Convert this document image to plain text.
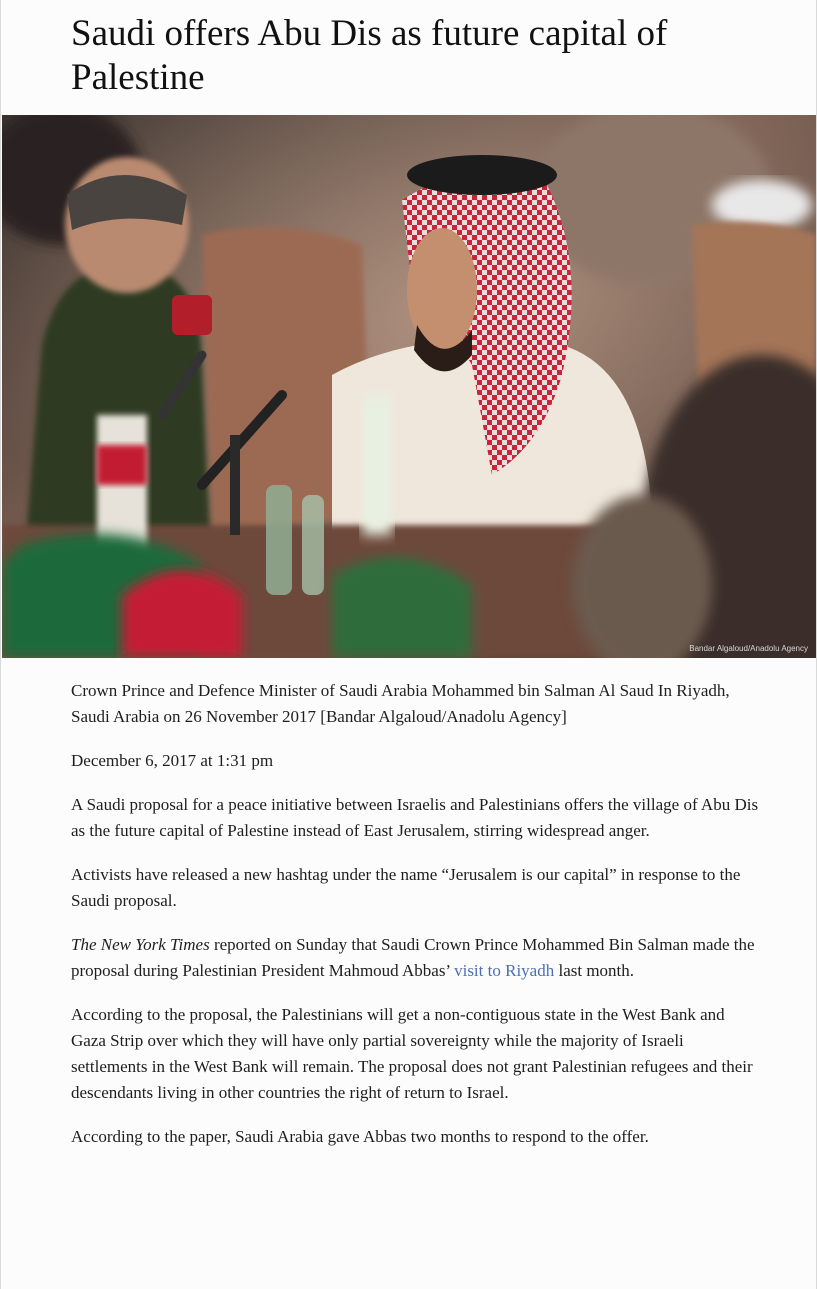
Saudi offers Abu Dis as future capital of Palestine
Bandar Algaloud/Anadolu Agency

Crown Prince and Defence Minister of Saudi Arabia Mohammed bin Salman Al Saud In Riyadh, Saudi Arabia on 26 November 2017 [Bandar Algaloud/Anadolu Agency]

December 6, 2017 at 1:31 pm

A Saudi proposal for a peace initiative between Israelis and Palestinians offers the village of Abu Dis as the future capital of Palestine instead of East Jerusalem, stirring widespread anger.

Activists have released a new hashtag under the name “Jerusalem is our capital” in response to the Saudi proposal.

The New York Times reported on Sunday that Saudi Crown Prince Mohammed Bin Salman made the proposal during Palestinian President Mahmoud Abbas’ visit to Riyadh last month.

According to the proposal, the Palestinians will get a non-contiguous state in the West Bank and Gaza Strip over which they will have only partial sovereignty while the majority of Israeli settlements in the West Bank will remain. The proposal does not grant Palestinian refugees and their descendants living in other countries the right of return to Israel.

According to the paper, Saudi Arabia gave Abbas two months to respond to the offer.
